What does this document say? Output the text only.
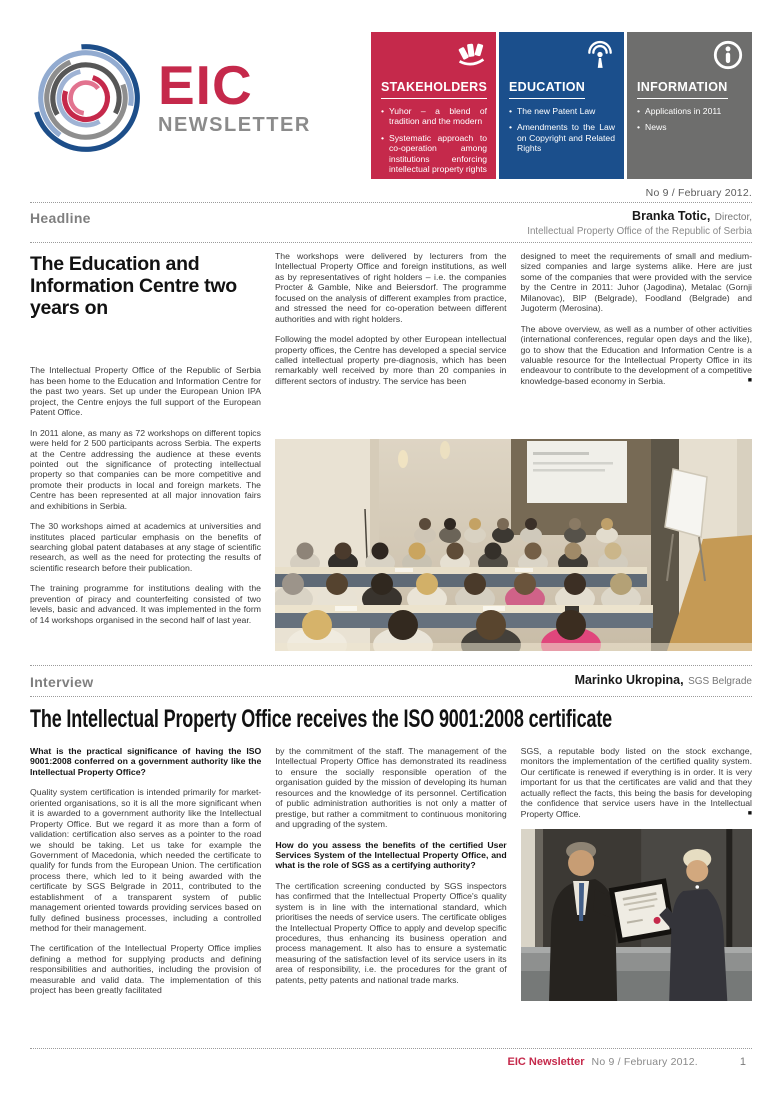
EIC
NEWSLETTER
STAKEHOLDERS
• Yuhor – a blend of tradition and the modern
• Systematic approach to co-operation among institutions enforcing intellectual property rights
EDUCATION
• The new Patent Law
• Amendments to the Law on Copyright and Related Rights
INFORMATION
• Applications in 2011
• News
No 9 / February 2012.
Headline	Branka Totic, Director,
Intellectual Property Office of the Republic of Serbia
The Education and Information Centre two years on

The Intellectual Property Office of the Republic of Serbia has been home to the Education and Information Centre for the past two years. Set up under the European Union IPA project, the Centre enjoys the full support of the European Patent Office.

In 2011 alone, as many as 72 workshops on different topics were held for 2 500 participants across Serbia. The experts at the Centre addressing the audience at these events pointed out the significance of protecting intellectual property so that companies can be more competitive and promote their products in local and foreign markets. The Centre has been represented at all major innovation fairs and exhibitions in Serbia.

The 30 workshops aimed at academics at universities and institutes placed particular emphasis on the benefits of searching global patent databases at any stage of scientific research, as well as the need for protecting the results of scientific research before their publication.

The training programme for institutions dealing with the prevention of piracy and counterfeiting consisted of two levels, basic and advanced. It was implemented in the form of 14 workshops organised in the second half of last year.

The workshops were delivered by lecturers from the Intellectual Property Office and foreign institutions, as well as by representatives of right holders – i.e. the companies Procter & Gamble, Nike and Beiersdorf. The programme focused on the analysis of different examples from practice, and stressed the need for co-operation between different authorities and with right holders.

Following the model adopted by other European intellectual property offices, the Centre has developed a special service called intellectual property pre-diagnosis, which has been remarkably well received by more than 20 companies in different sectors of industry. The service has been

designed to meet the requirements of small and medium-sized companies and large systems alike. Here are just some of the companies that were provided with the service by the Centre in 2011: Juhor (Jagodina), Metalac (Gornji Milanovac), BIP (Belgrade), Foodland (Belgrade) and Jugoterm (Merosina).

The above overview, as well as a number of other activities (international conferences, regular open days and the like), go to show that the Education and Information Centre is a valuable resource for the Intellectual Property Office in its endeavour to contribute to the development of a competitive knowledge-based economy in Serbia.	■

Interview	Marinko Ukropina, SGS Belgrade
The Intellectual Property Office receives the ISO 9001:2008 certificate

What is the practical significance of having the ISO 9001:2008 conferred on a government authority like the Intellectual Property Office?

Quality system certification is intended primarily for market-oriented organisations, so it is all the more significant when it is awarded to a government authority like the Intellectual Property Office. But we regard it as more than a form of validation: certification also serves as a pointer to the road we should be taking. Let us take for example the Government of Macedonia, which needed the certificate to qualify for funds from the European Union. The certification process there, which led to it being awarded with the certificate by SGS Belgrade in 2011, contributed to the establishment of a transparent system of public management oriented towards providing services based on fully defined business processes, including a controlled method for their management.

The certification of the Intellectual Property Office implies defining a method for supplying products and defining responsibilities and authorities, including the provision of measurable and valid data. The implementation of this project has been greatly facilitated

by the commitment of the staff. The management of the Intellectual Property Office has demonstrated its readiness to ensure the socially responsible operation of the organisation guided by the mission of developing its human resources and the knowledge of its personnel. Certification of public administration authorities is not only a matter of prestige, but rather a commitment to continuous monitoring and upgrading of the system.

How do you assess the benefits of the certified User Services System of the Intellectual Property Office, and what is the role of SGS as a certifying authority?

The certification screening conducted by SGS inspectors has confirmed that the Intellectual Property Office's quality system is in line with the international standard, which prioritises the needs of service users. The certificate obliges the Intellectual Property Office to apply and develop specific procedures, thus enhancing its business operation and process management. It also has to ensure a systematic measuring of the satisfaction level of its service users in its area of responsibility, i.e. the procedures for the grant of patents, petty patents and national trade marks.

SGS, a reputable body listed on the stock exchange, monitors the implementation of the certified quality system. Our certificate is renewed if everything is in order. It is very important for us that the certificates are valid and that they actually reflect the facts, this being the basis for developing the confidence that service users have in the Intellectual Property Office.	■

EIC Newsletter No 9 / February 2012.	1
